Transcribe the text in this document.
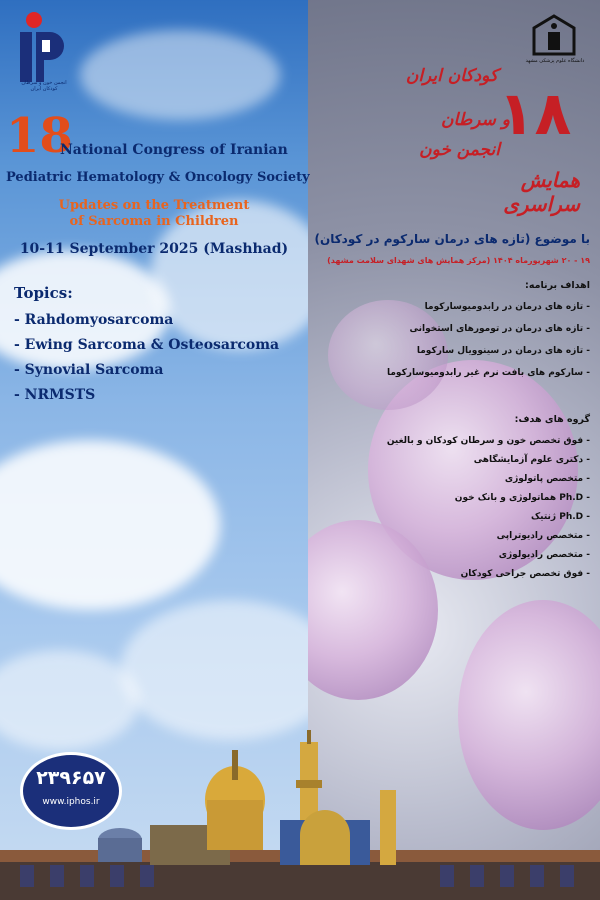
انجمن خون و سرطان کودکان ایران

18

National Congress of Iranian

Pediatric Hematology & Oncology Society

Updates on the Treatment

of Sarcoma in Children

10-11 September 2025 (Mashhad)

Topics:

- Rahdomyosarcoma

- Ewing Sarcoma & Osteosarcoma

- Synovial Sarcoma

- NRMSTS

۲۳۹۶۵۷
www.iphos.ir
دانشگاه علوم پزشکی مشهد

۱۸

کودکان ایران

و سرطان

انجمن خون

همایش سراسری

با موضوع (تازه های درمان سارکوم در کودکان)

۱۹ - ۲۰ شهریورماه ۱۴۰۴ (مرکز همایش های شهدای سلامت مشهد)

اهداف برنامه:

- تازه های درمان در رابدومیوسارکوما

- تازه های درمان در تومورهای استخوانی

- تازه های درمان در سینوویال سارکوما

- سارکوم های بافت نرم غیر رابدومیوسارکوما

گروه های هدف:

- فوق تخصص خون و سرطان کودکان و بالغین

- دکتری علوم آزمایشگاهی

- متخصص پاتولوژی

- Ph.D هماتولوژی و بانک خون

- Ph.D ژنتیک

- متخصص رادیوتراپی

- متخصص رادیولوژی

- فوق تخصص جراحی کودکان
